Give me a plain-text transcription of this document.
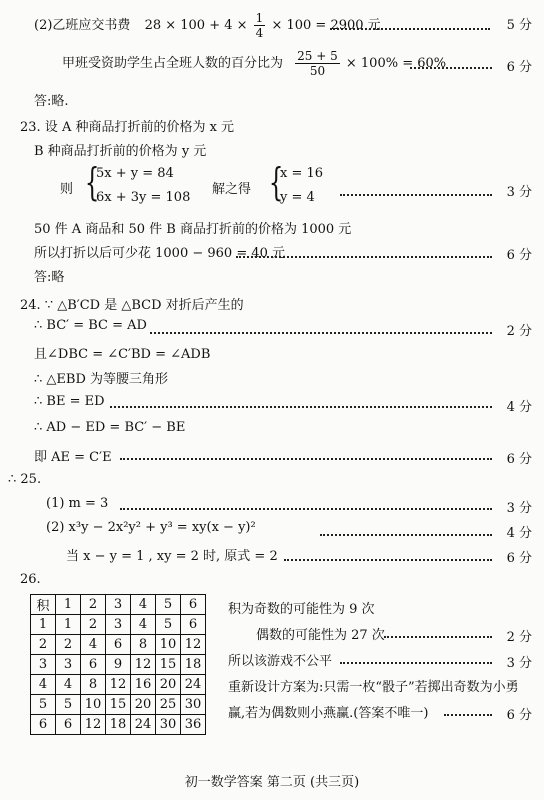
(2)乙班应交书费 $28 \times 100 + 4 \times \frac{1}{4} \times 100 = 2900$ 元	5 分
甲班受资助学生占全班人数的百分比为 $\frac{25 + 5}{50} \times 100\% = 60\%$	6 分
答:略.
23. 设 A 种商品打折前的价格为 x 元
B 种商品打折前的价格为 y 元
则 {
5x + y = 84
6x + 3y = 108
解之得 {
x = 16
y = 4	3 分
50 件 A 商品和 50 件 B 商品打折前的价格为 1000 元
所以打折以后可少花 1000 − 960 = 40 元	6 分
答:略
24. ∵ △B′CD 是 △BCD 对折后产生的
∴ BC′ = BC = AD	2 分
且∠DBC = ∠C′BD = ∠ADB
∴ △EBD 为等腰三角形
∴ BE = ED	4 分
∴ AD − ED = BC′ − BE
即 AE = C′E	6 分
∴ 25.
(1) m = 3	3 分
(2) x³y − 2x²y² + y³ = xy(x − y)²	4 分
当 x − y = 1 , xy = 2 时, 原式 = 2	6 分
26.
积	1	2	3	4	5	6
1	1	2	3	4	5	6
2	2	4	6	8	10	12
3	3	6	9	12	15	18
4	4	8	12	16	20	24
5	5	10	15	20	25	30
6	6	12	18	24	30	36
积为奇数的可能性为 9 次
偶数的可能性为 27 次	2 分
所以该游戏不公平	3 分
重新设计方案为:只需一枚“骰子”若掷出奇数为小勇
赢,若为偶数则小燕赢.(答案不唯一)	6 分
初一数学答案 第二页 (共三页)
